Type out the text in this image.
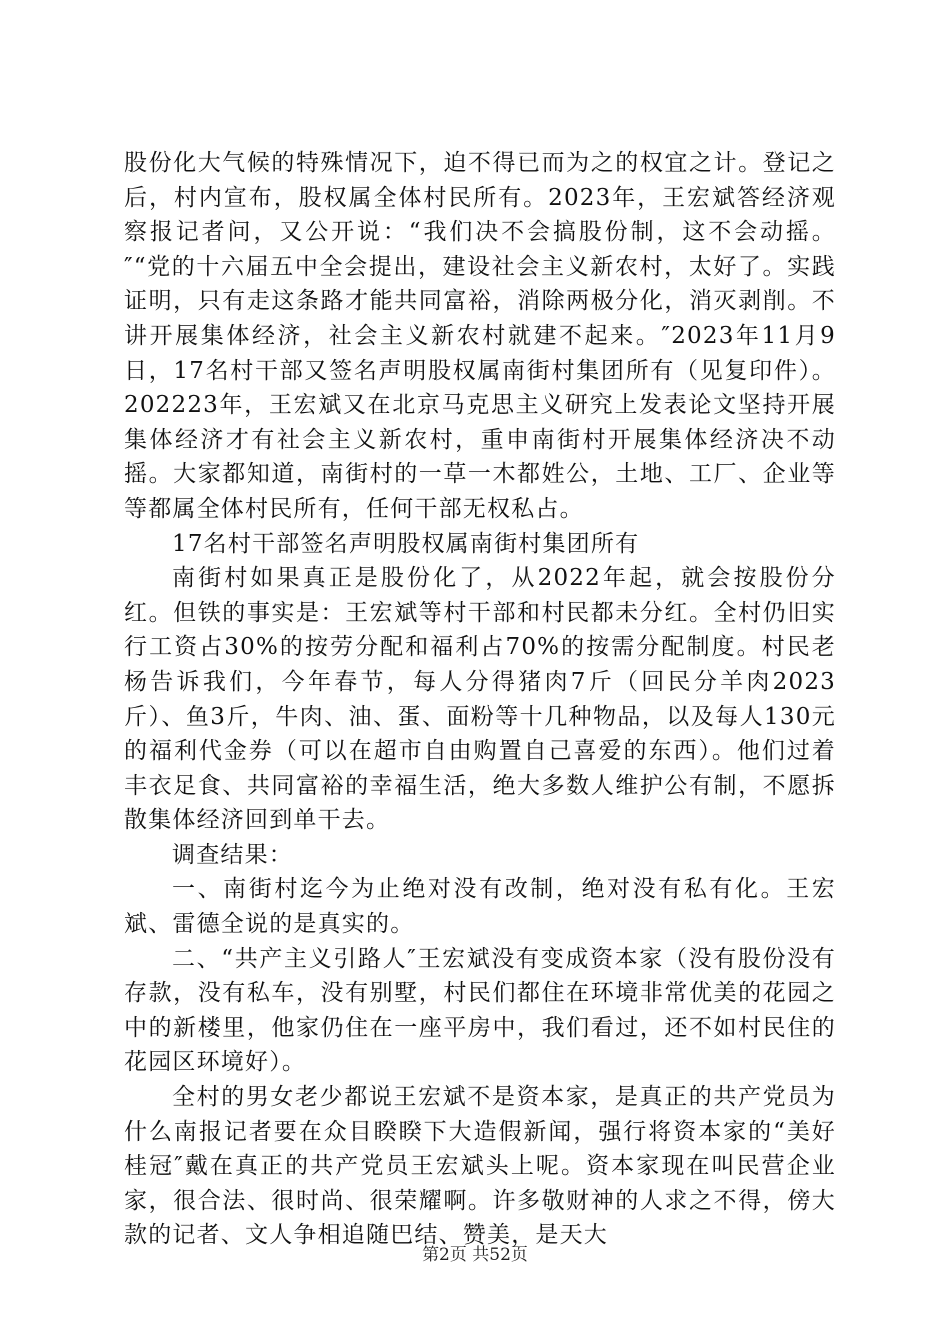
股份化大气候的特殊情况下，迫不得已而为之的权宜之计。登记之后，村内宣布，股权属全体村民所有。2023年，王宏斌答经济观察报记者问，又公开说：“我们决不会搞股份制，这不会动摇。″“党的十六届五中全会提出，建设社会主义新农村，太好了。实践证明，只有走这条路才能共同富裕，消除两极分化，消灭剥削。不讲开展集体经济，社会主义新农村就建不起来。″2023年11月9日，17名村干部又签名声明股权属南街村集团所有（见复印件）。202223年，王宏斌又在北京马克思主义研究上发表论文坚持开展集体经济才有社会主义新农村，重申南街村开展集体经济决不动摇。大家都知道，南街村的一草一木都姓公，土地、工厂、企业等等都属全体村民所有，任何干部无权私占。

17名村干部签名声明股权属南街村集团所有

南街村如果真正是股份化了，从2022年起，就会按股份分红。但铁的事实是：王宏斌等村干部和村民都未分红。全村仍旧实行工资占30%的按劳分配和福利占70%的按需分配制度。村民老杨告诉我们，今年春节，每人分得猪肉7斤（回民分羊肉2023斤）、鱼3斤，牛肉、油、蛋、面粉等十几种物品，以及每人130元的福利代金券（可以在超市自由购置自己喜爱的东西）。他们过着丰衣足食、共同富裕的幸福生活，绝大多数人维护公有制，不愿拆散集体经济回到单干去。

调查结果：

一、南街村迄今为止绝对没有改制，绝对没有私有化。王宏斌、雷德全说的是真实的。

二、“共产主义引路人″王宏斌没有变成资本家（没有股份没有存款，没有私车，没有别墅，村民们都住在环境非常优美的花园之中的新楼里，他家仍住在一座平房中，我们看过，还不如村民住的花园区环境好）。

全村的男女老少都说王宏斌不是资本家，是真正的共产党员为什么南报记者要在众目睽睽下大造假新闻，强行将资本家的“美好桂冠″戴在真正的共产党员王宏斌头上呢。资本家现在叫民营企业家，很合法、很时尚、很荣耀啊。许多敬财神的人求之不得，傍大款的记者、文人争相追随巴结、赞美，是天大

第2页 共52页
